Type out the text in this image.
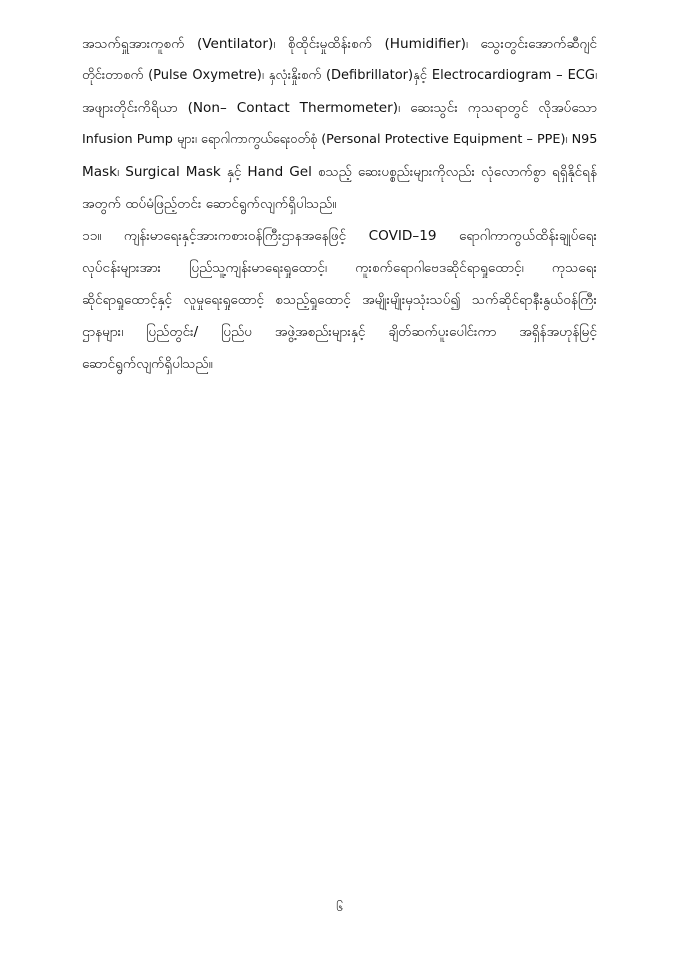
အသက်ရှူအားကူစက် (Ventilator)၊ စိုထိုင်းမှုထိန်းစက် (Humidifier)၊ သွေးတွင်းအောက်ဆီဂျင်
တိုင်းတာစက် (Pulse Oxymetre)၊ နှလုံးနှိုးစက် (Defibrillator)နှင့် Electrocardiogram – ECG၊
အဖျားတိုင်းကိရိယာ (Non– Contact Thermometer)၊ ဆေးသွင်း ကုသရာတွင် လိုအပ်သော
Infusion Pump များ၊ ရောဂါကာကွယ်ရေးဝတ်စုံ (Personal Protective Equipment – PPE)၊ N95
Mask၊ Surgical Mask နှင့် Hand Gel စသည့် ဆေးပစ္စည်းများကိုလည်း လုံလောက်စွာ ရရှိနိုင်ရန်
အတွက် ထပ်မံဖြည့်တင်း ဆောင်ရွက်လျက်ရှိပါသည်။
၁၁။ ကျန်းမာရေးနှင့်အားကစားဝန်ကြီးဌာနအနေဖြင့် COVID–19 ရောဂါကာကွယ်ထိန်းချုပ်ရေး
လုပ်ငန်းများအား ပြည်သူ့ကျန်းမာရေးရှုထောင့်၊ ကူးစက်ရောဂါဗေဒဆိုင်ရာရှုထောင့်၊ ကုသရေး
ဆိုင်ရာရှုထောင့်နှင့် လူမှုရေးရှုထောင့် စသည့်ရှုထောင့် အမျိုးမျိုးမှသုံးသပ်၍ သက်ဆိုင်ရာနီးနွယ်ဝန်ကြီး
ဌာနများ၊ ပြည်တွင်း/ ပြည်ပ အဖွဲ့အစည်းများနှင့် ချိတ်ဆက်ပူးပေါင်းကာ အရှိန်အဟုန်မြင့်
ဆောင်ရွက်လျက်ရှိပါသည်။
၆
